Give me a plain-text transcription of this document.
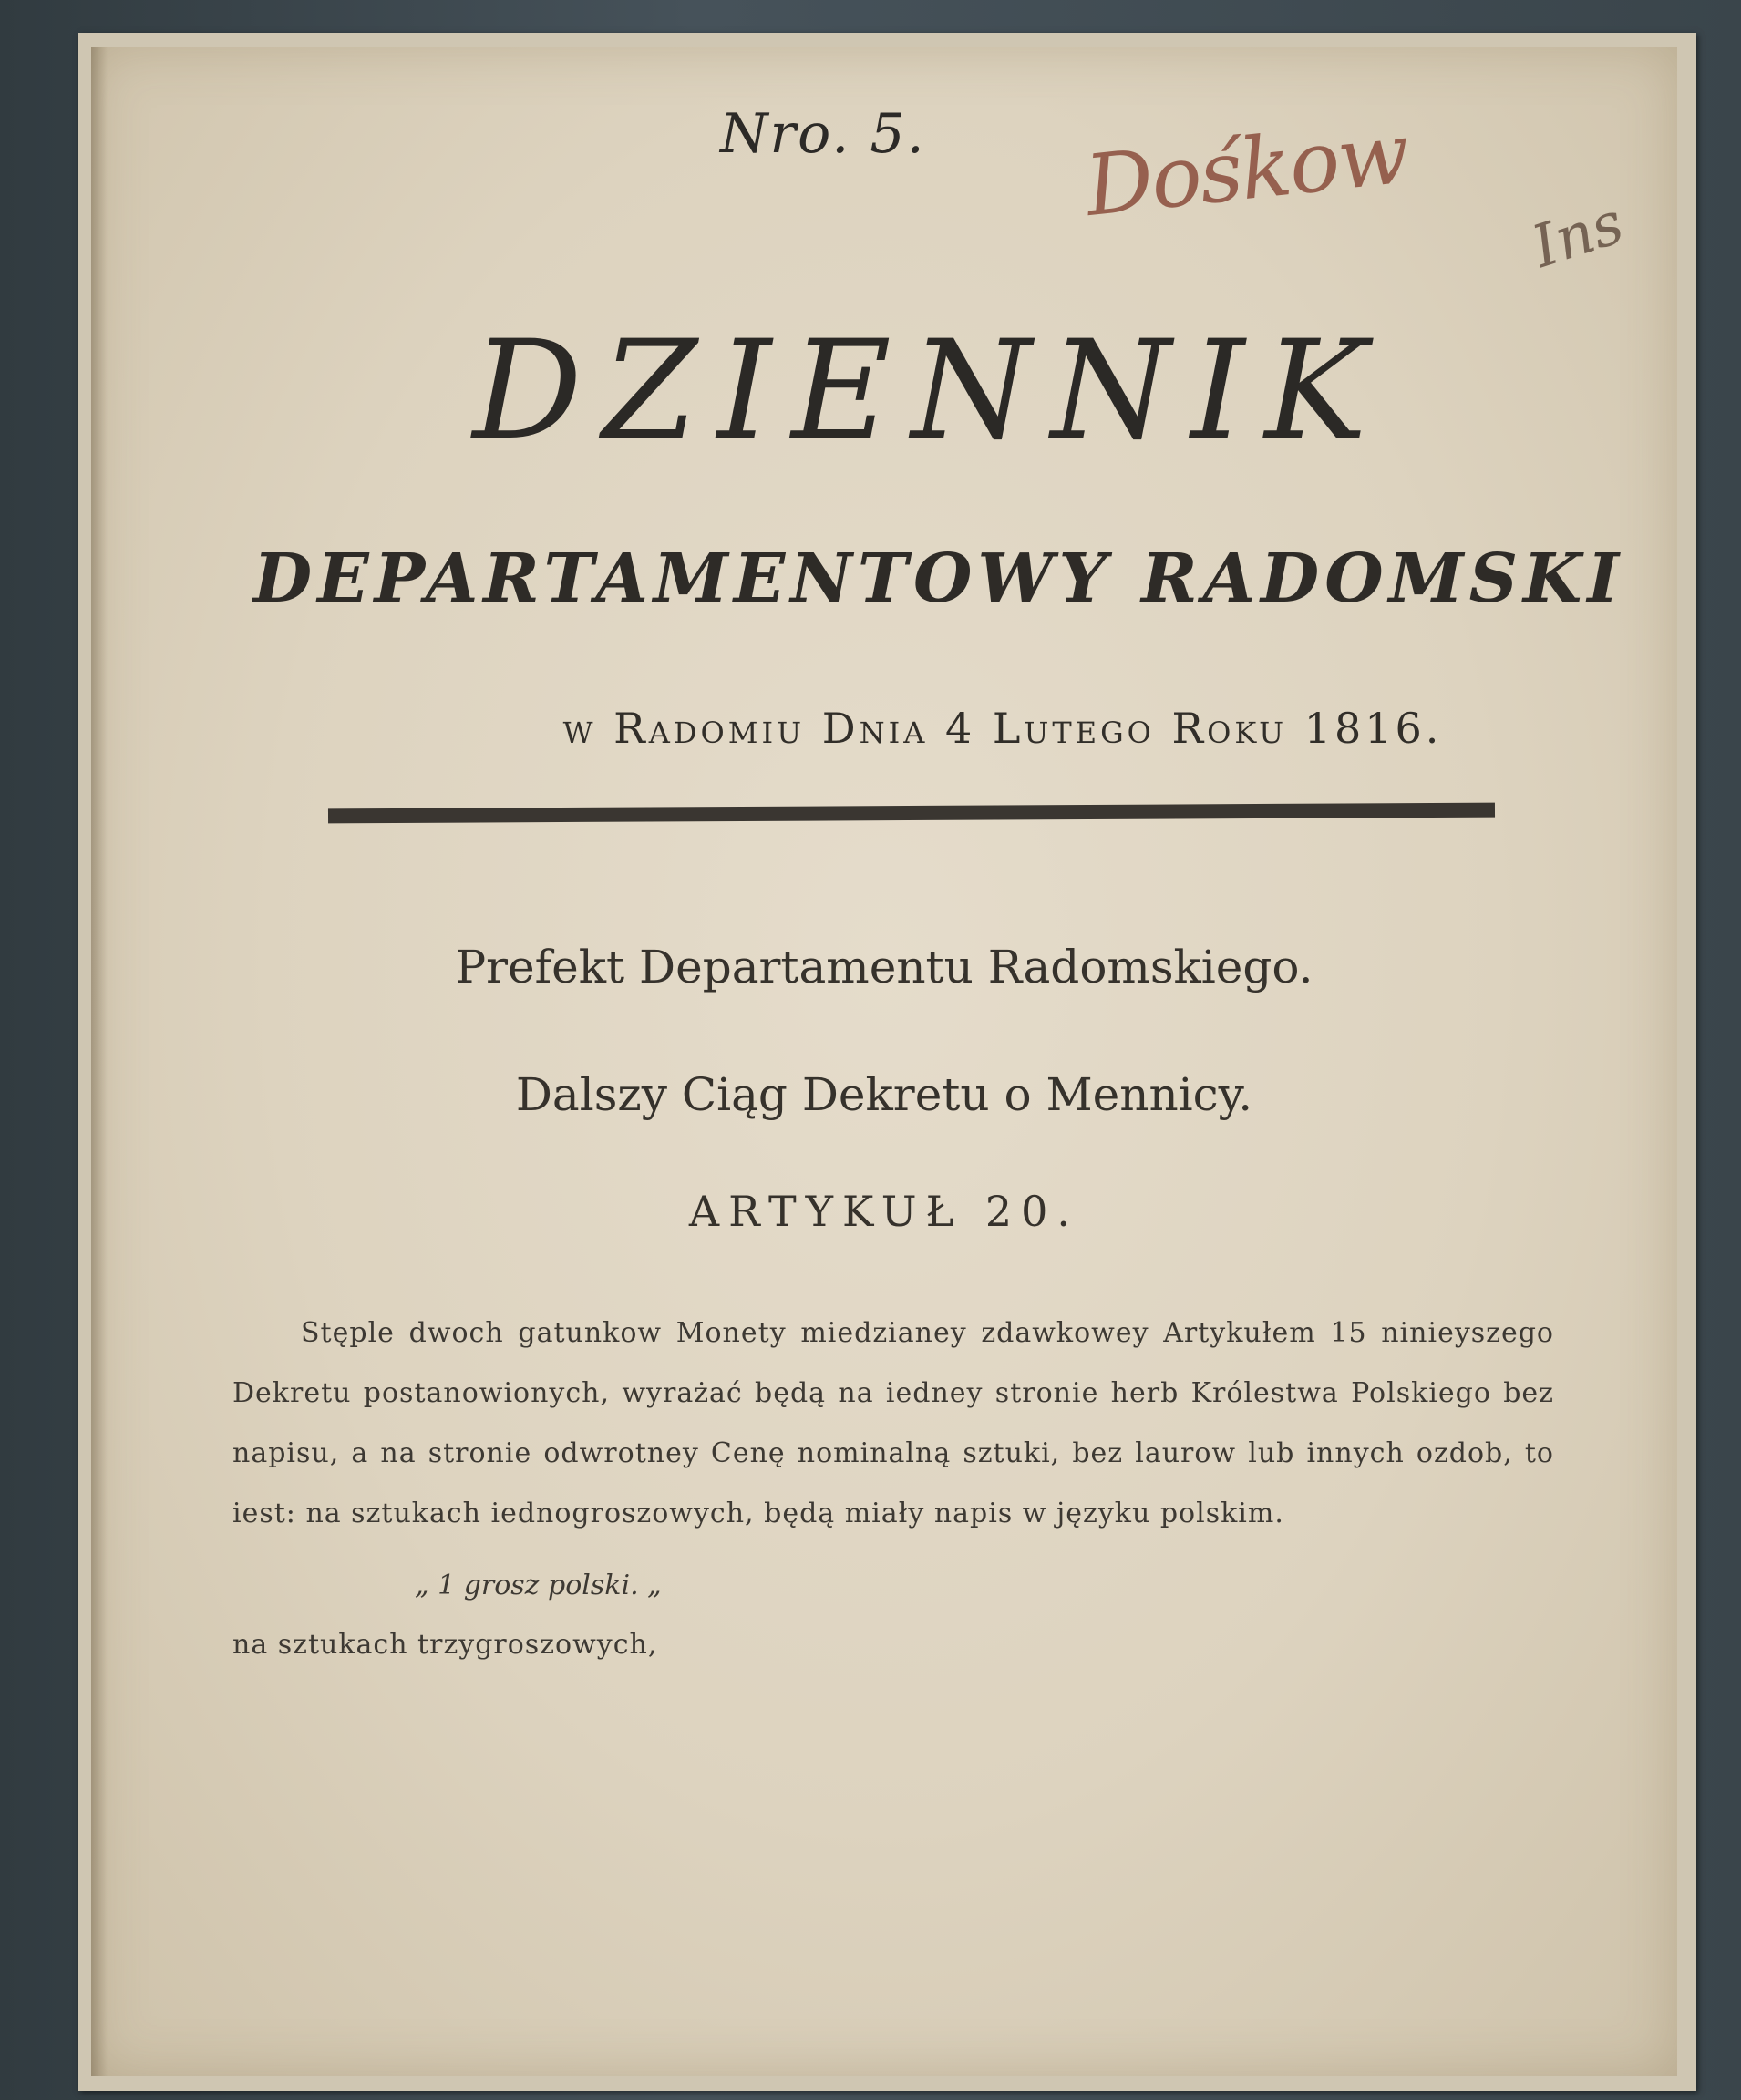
Nro. 5.	Dośkow
Ins
DZIENNIK
DEPARTAMENTOWY RADOMSKI
w Radomiu Dnia 4 Lutego Roku 1816.
Prefekt Departamentu Radomskiego.
Dalszy Ciąg Dekretu o Mennicy.
ARTYKUŁ 20.
Stęple dwoch gatunkow Monety miedzianey zdawkowey Artykułem 15 ninieyszego Dekretu postanowionych, wyrażać będą na iedney stronie herb Królestwa Polskiego bez napisu, a na stronie odwrotney Cenę nominalną sztuki, bez laurow lub innych ozdob, to iest: na sztukach iednogroszowych, będą miały napis w języku polskim.
„ 1 grosz polski. „
na sztukach trzygroszowych,
